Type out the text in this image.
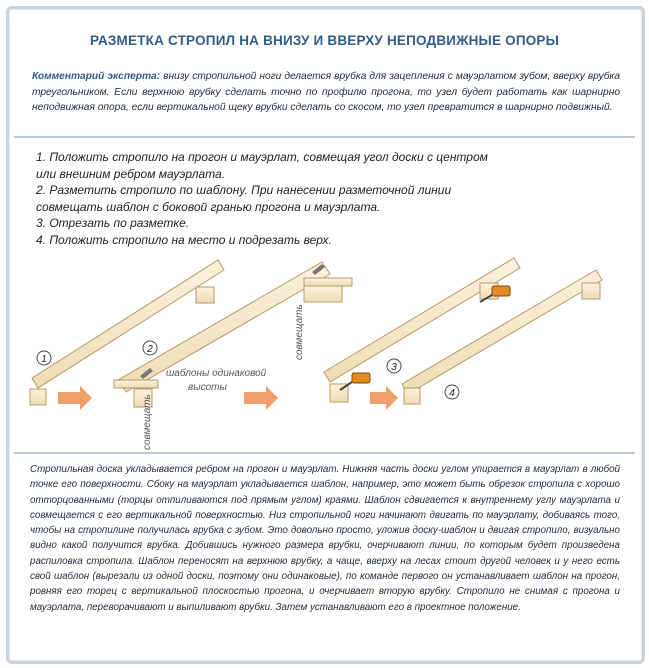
РАЗМЕТКА СТРОПИЛ НА ВНИЗУ И ВВЕРХУ НЕПОДВИЖНЫЕ ОПОРЫ
Комментарий эксперта: внизу стропильной ноги делается врубка для зацепления с мауэрлатом зубом, вверху врубка треугольником. Если верхнюю врубку сделать точно по профилю прогона, то узел будет работать как шарнирно неподвижная опора, если вертикальной щеку врубки сделать со скосом, то узел превратится в шарнирно подвижный.
1. Положить стропило на прогон и мауэрлат, совмещая угол доски с центром
или внешним ребром мауэрлата.
2. Разметить стропило по шаблону. При нанесении разметочной линии
совмещать шаблон с боковой гранью прогона и мауэрлата.
3. Отрезать по разметке.
4. Положить стропило на место и подрезать верх.
1
2	совмещать
совмещать
шаблоны одинаковой высоты
3
4
Стропильная доска укладывается ребром на прогон и мауэрлат. Нижняя часть доски углом упирается в мауэрлат в любой точке его поверхности. Сбоку на мауэрлат укладывается шаблон, например, это может быть обрезок стропила с хорошо отторцованными (торцы отпиливаются под прямым углом) краями. Шаблон сдвигается к внутреннему углу мауэрлата и совмещается с его вертикальной поверхностью. Низ стропильной ноги начинают двигать по мауэрлату, добиваясь того, чтобы на стропилине получилась врубка с зубом. Это довольно просто, уложив доску-шаблон и двигая стропило, визуально видно какой получится врубка. Добившись нужного размера врубки, очерчивают линии, по которым будет произведена распиловка стропила. Шаблон переносят на верхнюю врубку, а чаще, вверху на лесах стоит другой человек и у него есть свой шаблон (вырезали из одной доски, поэтому они одинаковые), по команде первого он устанавливает шаблон на прогон, ровняя его торец с вертикальной плоскостью прогона, и очерчивает вторую врубку. Стропило не снимая с прогона и мауэрлата, переворачивают и выпиливают врубки. Затем устанавливают его в проектное положение.
